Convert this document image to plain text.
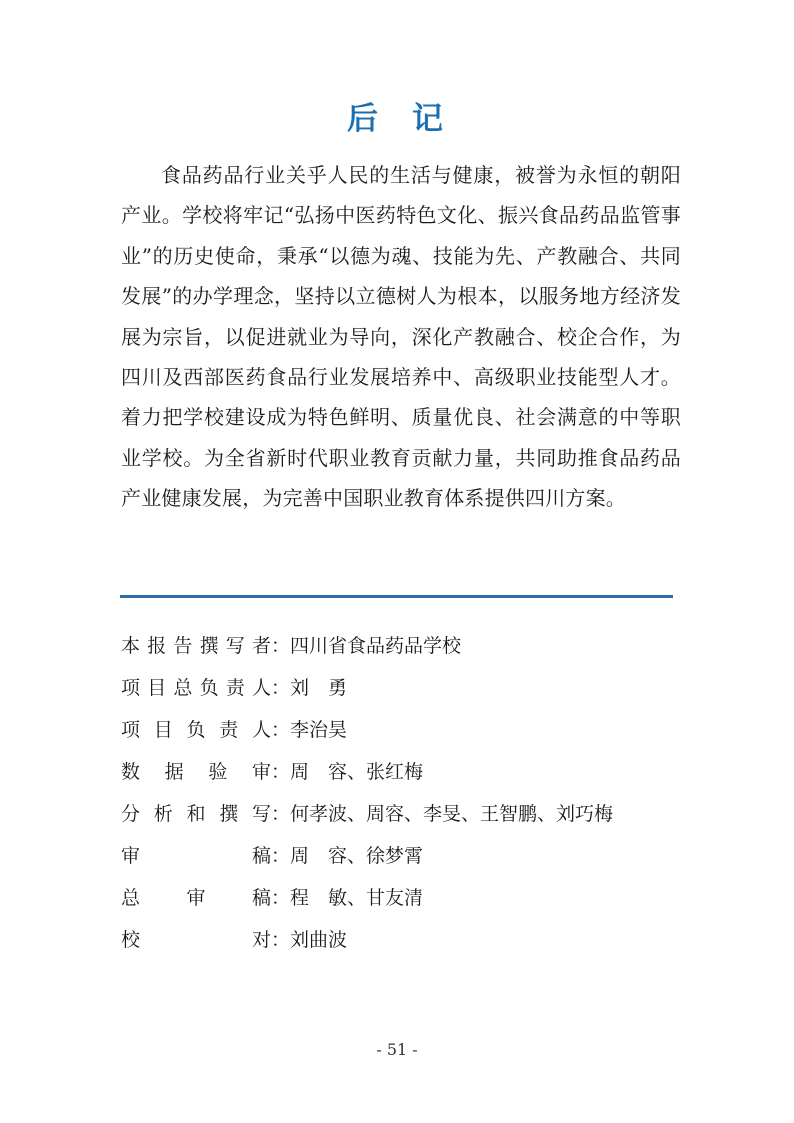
后 记

食品药品行业关乎人民的生活与健康，被誉为永恒的朝阳产业。学校将牢记“弘扬中医药特色文化、振兴食品药品监管事业”的历史使命，秉承“以德为魂、技能为先、产教融合、共同发展”的办学理念，坚持以立德树人为根本，以服务地方经济发展为宗旨，以促进就业为导向，深化产教融合、校企合作，为四川及西部医药食品行业发展培养中、高级职业技能型人才。着力把学校建设成为特色鲜明、质量优良、社会满意的中等职业学校。为全省新时代职业教育贡献力量，共同助推食品药品产业健康发展，为完善中国职业教育体系提供四川方案。

本报告撰写者：四川省食品药品学校
项目总负责人：刘　勇
项目负责人：李治昊
数据验审：周　容、张红梅
分析和撰写：何孝波、周容、李旻、王智鹏、刘巧梅
审稿：周　容、徐梦霄
总审稿：程　敏、甘友清
校对：刘曲波
- 51 -
